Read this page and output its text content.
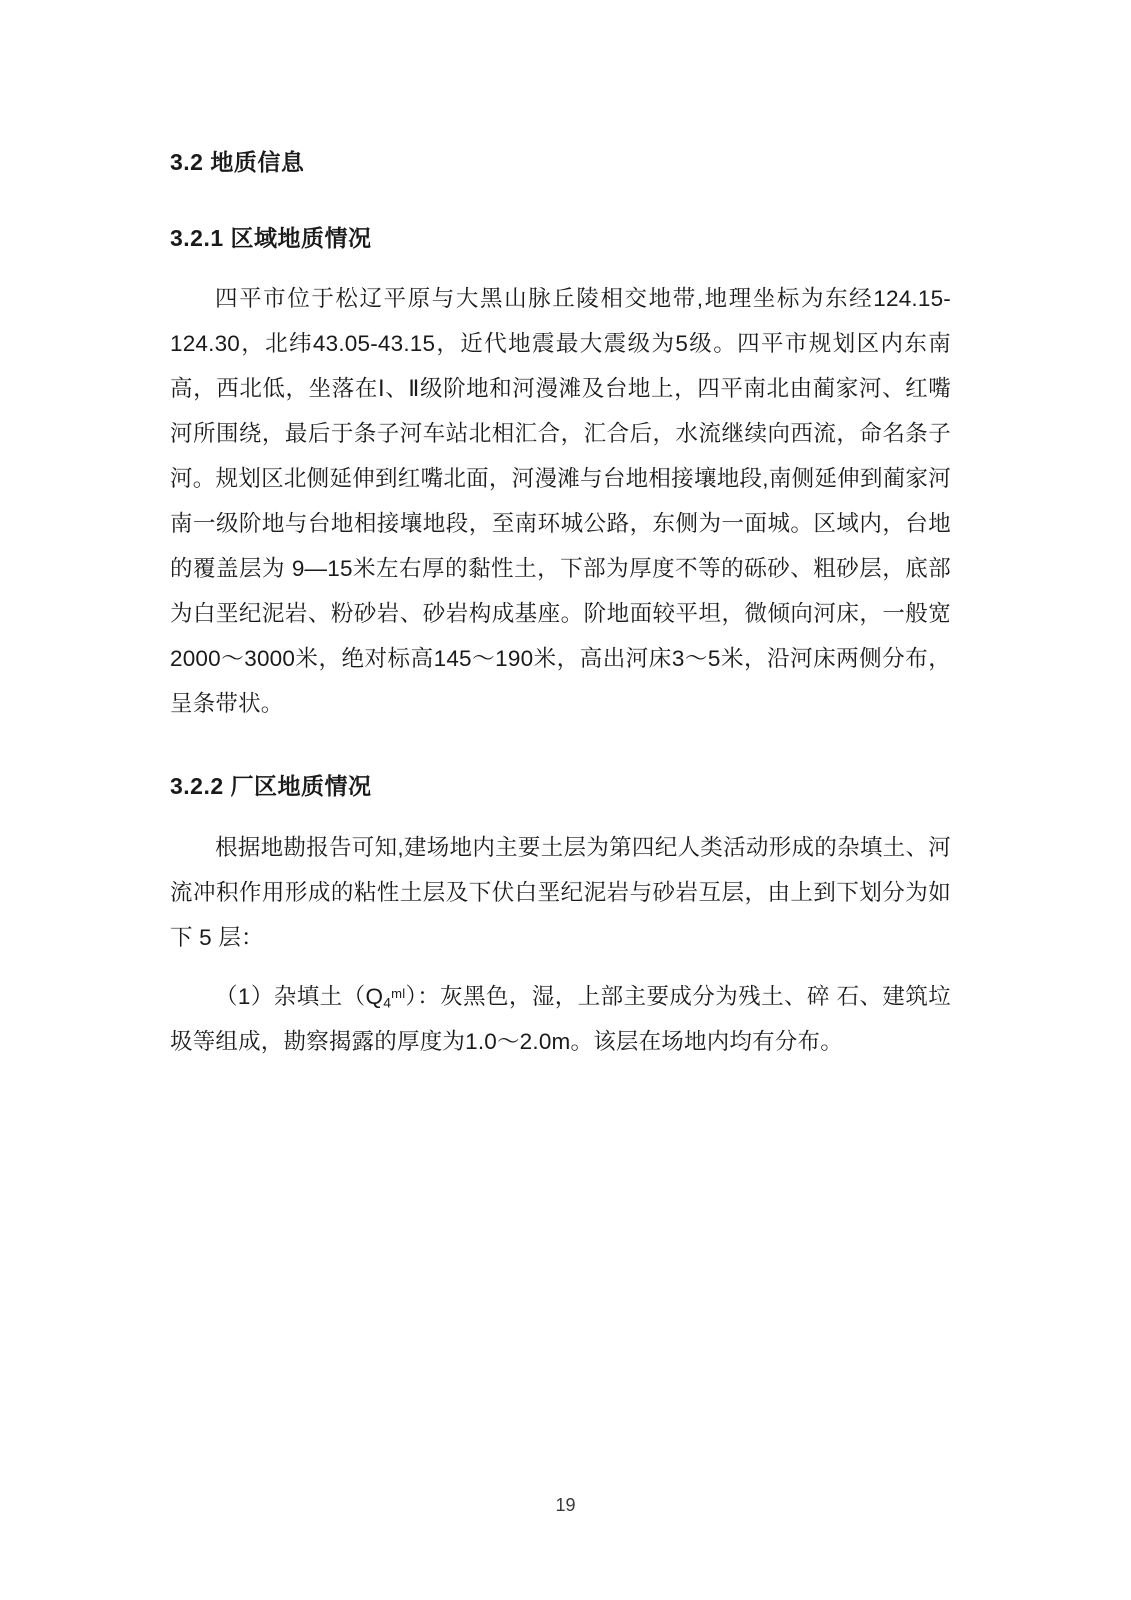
3.2 地质信息
3.2.1 区域地质情况

四平市位于松辽平原与大黑山脉丘陵相交地带,地理坐标为东经124.15-124.30，北纬43.05-43.15，近代地震最大震级为5级。四平市规划区内东南高，西北低，坐落在Ⅰ、Ⅱ级阶地和河漫滩及台地上，四平南北由蔺家河、红嘴河所围绕，最后于条子河车站北相汇合，汇合后，水流继续向西流，命名条子河。规划区北侧延伸到红嘴北面，河漫滩与台地相接壤地段,南侧延伸到蔺家河南一级阶地与台地相接壤地段，至南环城公路，东侧为一面城。区域内，台地的覆盖层为 9—15米左右厚的黏性土，下部为厚度不等的砾砂、粗砂层，底部为白垩纪泥岩、粉砂岩、砂岩构成基座。阶地面较平坦，微倾向河床，一般宽2000～3000米，绝对标高145～190米，高出河床3～5米，沿河床两侧分布，呈条带状。

3.2.2 厂区地质情况

根据地勘报告可知,建场地内主要土层为第四纪人类活动形成的杂填土、河流冲积作用形成的粘性土层及下伏白垩纪泥岩与砂岩互层，由上到下划分为如下 5 层：

（1）杂填土$(Q_4^{ml})$：灰黑色，湿，上部主要成分为残土、碎 石、建筑垃圾等组成，勘察揭露的厚度为1.0～2.0m。该层在场地内均有分布。

19
